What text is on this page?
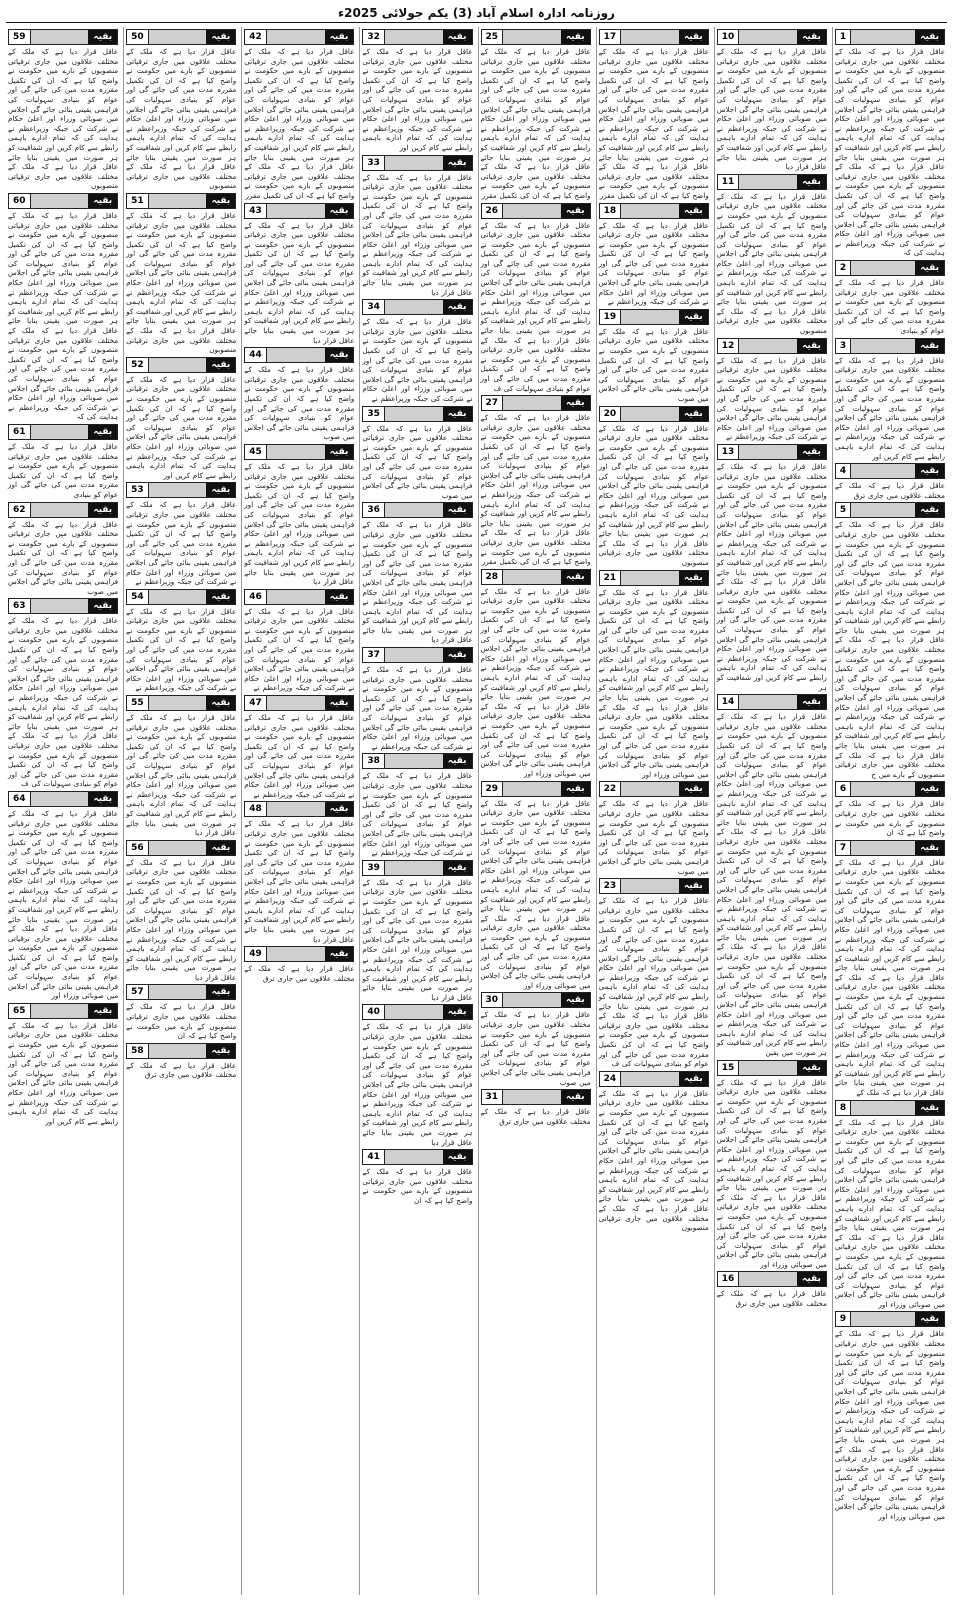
روزنامہ ادارہ اسلام آباد (3) یکم جولائی 2025ء
بقیہ
1

عاقل قرار دیا ہے کہ ملک کے مختلف علاقوں میں جاری ترقیاتی منصوبوں کے بارے میں حکومت نے واضح کیا ہے کہ ان کی تکمیل مقررہ مدت میں کی جائے گی اور عوام کو بنیادی سہولیات کی فراہمی یقینی بنائی جائے گی اجلاس میں صوبائی وزراء اور اعلیٰ حکام نے شرکت کی جبکہ وزیراعظم نے ہدایت کی کہ تمام ادارے باہمی رابطے سے کام کریں اور شفافیت کو ہر صورت میں یقینی بنایا جائے عاقل قرار دیا ہے کہ ملک کے مختلف علاقوں میں جاری ترقیاتی منصوبوں کے بارے میں حکومت نے واضح کیا ہے کہ ان کی تکمیل مقررہ مدت میں کی جائے گی اور عوام کو بنیادی سہولیات کی فراہمی یقینی بنائی جائے گی اجلاس میں صوبائی وزراء اور اعلیٰ حکام نے شرکت کی جبکہ وزیراعظم نے ہدایت کی کہ

بقیہ
2

عاقل قرار دیا ہے کہ ملک کے مختلف علاقوں میں جاری ترقیاتی منصوبوں کے بارے میں حکومت نے واضح کیا ہے کہ ان کی تکمیل مقررہ مدت میں کی جائے گی اور عوام کو بنیادی

بقیہ
3

عاقل قرار دیا ہے کہ ملک کے مختلف علاقوں میں جاری ترقیاتی منصوبوں کے بارے میں حکومت نے واضح کیا ہے کہ ان کی تکمیل مقررہ مدت میں کی جائے گی اور عوام کو بنیادی سہولیات کی فراہمی یقینی بنائی جائے گی اجلاس میں صوبائی وزراء اور اعلیٰ حکام نے شرکت کی جبکہ وزیراعظم نے ہدایت کی کہ تمام ادارے باہمی رابطے سے کام کریں اور

بقیہ
4

عاقل قرار دیا ہے کہ ملک کے مختلف علاقوں میں جاری ترق

بقیہ
5

عاقل قرار دیا ہے کہ ملک کے مختلف علاقوں میں جاری ترقیاتی منصوبوں کے بارے میں حکومت نے واضح کیا ہے کہ ان کی تکمیل مقررہ مدت میں کی جائے گی اور عوام کو بنیادی سہولیات کی فراہمی یقینی بنائی جائے گی اجلاس میں صوبائی وزراء اور اعلیٰ حکام نے شرکت کی جبکہ وزیراعظم نے ہدایت کی کہ تمام ادارے باہمی رابطے سے کام کریں اور شفافیت کو ہر صورت میں یقینی بنایا جائے عاقل قرار دیا ہے کہ ملک کے مختلف علاقوں میں جاری ترقیاتی منصوبوں کے بارے میں حکومت نے واضح کیا ہے کہ ان کی تکمیل مقررہ مدت میں کی جائے گی اور عوام کو بنیادی سہولیات کی فراہمی یقینی بنائی جائے گی اجلاس میں صوبائی وزراء اور اعلیٰ حکام نے شرکت کی جبکہ وزیراعظم نے ہدایت کی کہ تمام ادارے باہمی رابطے سے کام کریں اور شفافیت کو ہر صورت میں یقینی بنایا جائے عاقل قرار دیا ہے کہ ملک کے مختلف علاقوں میں جاری ترقیاتی منصوبوں کے بارے میں ح

بقیہ
6

عاقل قرار دیا ہے کہ ملک کے مختلف علاقوں میں جاری ترقیاتی منصوبوں کے بارے میں حکومت نے واضح کیا ہے کہ ان

بقیہ
7

عاقل قرار دیا ہے کہ ملک کے مختلف علاقوں میں جاری ترقیاتی منصوبوں کے بارے میں حکومت نے واضح کیا ہے کہ ان کی تکمیل مقررہ مدت میں کی جائے گی اور عوام کو بنیادی سہولیات کی فراہمی یقینی بنائی جائے گی اجلاس میں صوبائی وزراء اور اعلیٰ حکام نے شرکت کی جبکہ وزیراعظم نے ہدایت کی کہ تمام ادارے باہمی رابطے سے کام کریں اور شفافیت کو ہر صورت میں یقینی بنایا جائے عاقل قرار دیا ہے کہ ملک کے مختلف علاقوں میں جاری ترقیاتی منصوبوں کے بارے میں حکومت نے واضح کیا ہے کہ ان کی تکمیل مقررہ مدت میں کی جائے گی اور عوام کو بنیادی سہولیات کی فراہمی یقینی بنائی جائے گی اجلاس میں صوبائی وزراء اور اعلیٰ حکام نے شرکت کی جبکہ وزیراعظم نے ہدایت کی کہ تمام ادارے باہمی رابطے سے کام کریں اور شفافیت کو ہر صورت میں یقینی بنایا جائے عاقل قرار دیا ہے کہ ملک کے

بقیہ
8

عاقل قرار دیا ہے کہ ملک کے مختلف علاقوں میں جاری ترقیاتی منصوبوں کے بارے میں حکومت نے واضح کیا ہے کہ ان کی تکمیل مقررہ مدت میں کی جائے گی اور عوام کو بنیادی سہولیات کی فراہمی یقینی بنائی جائے گی اجلاس میں صوبائی وزراء اور اعلیٰ حکام نے شرکت کی جبکہ وزیراعظم نے ہدایت کی کہ تمام ادارے باہمی رابطے سے کام کریں اور شفافیت کو ہر صورت میں یقینی بنایا جائے عاقل قرار دیا ہے کہ ملک کے مختلف علاقوں میں جاری ترقیاتی منصوبوں کے بارے میں حکومت نے واضح کیا ہے کہ ان کی تکمیل مقررہ مدت میں کی جائے گی اور عوام کو بنیادی سہولیات کی فراہمی یقینی بنائی جائے گی اجلاس میں صوبائی وزراء اور

بقیہ
9

عاقل قرار دیا ہے کہ ملک کے مختلف علاقوں میں جاری ترقیاتی منصوبوں کے بارے میں حکومت نے واضح کیا ہے کہ ان کی تکمیل مقررہ مدت میں کی جائے گی اور عوام کو بنیادی سہولیات کی فراہمی یقینی بنائی جائے گی اجلاس میں صوبائی وزراء اور اعلیٰ حکام نے شرکت کی جبکہ وزیراعظم نے ہدایت کی کہ تمام ادارے باہمی رابطے سے کام کریں اور شفافیت کو ہر صورت میں یقینی بنایا جائے عاقل قرار دیا ہے کہ ملک کے مختلف علاقوں میں جاری ترقیاتی منصوبوں کے بارے میں حکومت نے واضح کیا ہے کہ ان کی تکمیل مقررہ مدت میں کی جائے گی اور عوام کو بنیادی سہولیات کی فراہمی یقینی بنائی جائے گی اجلاس میں صوبائی وزراء اور

بقیہ
10

عاقل قرار دیا ہے کہ ملک کے مختلف علاقوں میں جاری ترقیاتی منصوبوں کے بارے میں حکومت نے واضح کیا ہے کہ ان کی تکمیل مقررہ مدت میں کی جائے گی اور عوام کو بنیادی سہولیات کی فراہمی یقینی بنائی جائے گی اجلاس میں صوبائی وزراء اور اعلیٰ حکام نے شرکت کی جبکہ وزیراعظم نے ہدایت کی کہ تمام ادارے باہمی رابطے سے کام کریں اور شفافیت کو ہر صورت میں یقینی بنایا جائے عاقل قرار دیا

بقیہ
11

عاقل قرار دیا ہے کہ ملک کے مختلف علاقوں میں جاری ترقیاتی منصوبوں کے بارے میں حکومت نے واضح کیا ہے کہ ان کی تکمیل مقررہ مدت میں کی جائے گی اور عوام کو بنیادی سہولیات کی فراہمی یقینی بنائی جائے گی اجلاس میں صوبائی وزراء اور اعلیٰ حکام نے شرکت کی جبکہ وزیراعظم نے ہدایت کی کہ تمام ادارے باہمی رابطے سے کام کریں اور شفافیت کو ہر صورت میں یقینی بنایا جائے عاقل قرار دیا ہے کہ ملک کے مختلف علاقوں میں جاری ترقیاتی منصوبوں

بقیہ
12

عاقل قرار دیا ہے کہ ملک کے مختلف علاقوں میں جاری ترقیاتی منصوبوں کے بارے میں حکومت نے واضح کیا ہے کہ ان کی تکمیل مقررہ مدت میں کی جائے گی اور عوام کو بنیادی سہولیات کی فراہمی یقینی بنائی جائے گی اجلاس میں صوبائی وزراء اور اعلیٰ حکام نے شرکت کی جبکہ وزیراعظم نے

بقیہ
13

عاقل قرار دیا ہے کہ ملک کے مختلف علاقوں میں جاری ترقیاتی منصوبوں کے بارے میں حکومت نے واضح کیا ہے کہ ان کی تکمیل مقررہ مدت میں کی جائے گی اور عوام کو بنیادی سہولیات کی فراہمی یقینی بنائی جائے گی اجلاس میں صوبائی وزراء اور اعلیٰ حکام نے شرکت کی جبکہ وزیراعظم نے ہدایت کی کہ تمام ادارے باہمی رابطے سے کام کریں اور شفافیت کو ہر صورت میں یقینی بنایا جائے عاقل قرار دیا ہے کہ ملک کے مختلف علاقوں میں جاری ترقیاتی منصوبوں کے بارے میں حکومت نے واضح کیا ہے کہ ان کی تکمیل مقررہ مدت میں کی جائے گی اور عوام کو بنیادی سہولیات کی فراہمی یقینی بنائی جائے گی اجلاس میں صوبائی وزراء اور اعلیٰ حکام نے شرکت کی جبکہ وزیراعظم نے ہدایت کی کہ تمام ادارے باہمی رابطے سے کام کریں اور شفافیت کو ہر

بقیہ
14

عاقل قرار دیا ہے کہ ملک کے مختلف علاقوں میں جاری ترقیاتی منصوبوں کے بارے میں حکومت نے واضح کیا ہے کہ ان کی تکمیل مقررہ مدت میں کی جائے گی اور عوام کو بنیادی سہولیات کی فراہمی یقینی بنائی جائے گی اجلاس میں صوبائی وزراء اور اعلیٰ حکام نے شرکت کی جبکہ وزیراعظم نے ہدایت کی کہ تمام ادارے باہمی رابطے سے کام کریں اور شفافیت کو ہر صورت میں یقینی بنایا جائے عاقل قرار دیا ہے کہ ملک کے مختلف علاقوں میں جاری ترقیاتی منصوبوں کے بارے میں حکومت نے واضح کیا ہے کہ ان کی تکمیل مقررہ مدت میں کی جائے گی اور عوام کو بنیادی سہولیات کی فراہمی یقینی بنائی جائے گی اجلاس میں صوبائی وزراء اور اعلیٰ حکام نے شرکت کی جبکہ وزیراعظم نے ہدایت کی کہ تمام ادارے باہمی رابطے سے کام کریں اور شفافیت کو ہر صورت میں یقینی بنایا جائے عاقل قرار دیا ہے کہ ملک کے مختلف علاقوں میں جاری ترقیاتی منصوبوں کے بارے میں حکومت نے واضح کیا ہے کہ ان کی تکمیل مقررہ مدت میں کی جائے گی اور عوام کو بنیادی سہولیات کی فراہمی یقینی بنائی جائے گی اجلاس میں صوبائی وزراء اور اعلیٰ حکام نے شرکت کی جبکہ وزیراعظم نے ہدایت کی کہ تمام ادارے باہمی رابطے سے کام کریں اور شفافیت کو ہر صورت میں یقین

بقیہ
15

عاقل قرار دیا ہے کہ ملک کے مختلف علاقوں میں جاری ترقیاتی منصوبوں کے بارے میں حکومت نے واضح کیا ہے کہ ان کی تکمیل مقررہ مدت میں کی جائے گی اور عوام کو بنیادی سہولیات کی فراہمی یقینی بنائی جائے گی اجلاس میں صوبائی وزراء اور اعلیٰ حکام نے شرکت کی جبکہ وزیراعظم نے ہدایت کی کہ تمام ادارے باہمی رابطے سے کام کریں اور شفافیت کو ہر صورت میں یقینی بنایا جائے عاقل قرار دیا ہے کہ ملک کے مختلف علاقوں میں جاری ترقیاتی منصوبوں کے بارے میں حکومت نے واضح کیا ہے کہ ان کی تکمیل مقررہ مدت میں کی جائے گی اور عوام کو بنیادی سہولیات کی فراہمی یقینی بنائی جائے گی اجلاس میں صوبائی وزراء اور

بقیہ
16

عاقل قرار دیا ہے کہ ملک کے مختلف علاقوں میں جاری ترق

بقیہ
17

عاقل قرار دیا ہے کہ ملک کے مختلف علاقوں میں جاری ترقیاتی منصوبوں کے بارے میں حکومت نے واضح کیا ہے کہ ان کی تکمیل مقررہ مدت میں کی جائے گی اور عوام کو بنیادی سہولیات کی فراہمی یقینی بنائی جائے گی اجلاس میں صوبائی وزراء اور اعلیٰ حکام نے شرکت کی جبکہ وزیراعظم نے ہدایت کی کہ تمام ادارے باہمی رابطے سے کام کریں اور شفافیت کو ہر صورت میں یقینی بنایا جائے عاقل قرار دیا ہے کہ ملک کے مختلف علاقوں میں جاری ترقیاتی منصوبوں کے بارے میں حکومت نے واضح کیا ہے کہ ان کی تکمیل مقرر

بقیہ
18

عاقل قرار دیا ہے کہ ملک کے مختلف علاقوں میں جاری ترقیاتی منصوبوں کے بارے میں حکومت نے واضح کیا ہے کہ ان کی تکمیل مقررہ مدت میں کی جائے گی اور عوام کو بنیادی سہولیات کی فراہمی یقینی بنائی جائے گی اجلاس میں صوبائی وزراء اور اعلیٰ حکام نے شرکت کی جبکہ وزیراعظم نے

بقیہ
19

عاقل قرار دیا ہے کہ ملک کے مختلف علاقوں میں جاری ترقیاتی منصوبوں کے بارے میں حکومت نے واضح کیا ہے کہ ان کی تکمیل مقررہ مدت میں کی جائے گی اور عوام کو بنیادی سہولیات کی فراہمی یقینی بنائی جائے گی اجلاس میں صوب

بقیہ
20

عاقل قرار دیا ہے کہ ملک کے مختلف علاقوں میں جاری ترقیاتی منصوبوں کے بارے میں حکومت نے واضح کیا ہے کہ ان کی تکمیل مقررہ مدت میں کی جائے گی اور عوام کو بنیادی سہولیات کی فراہمی یقینی بنائی جائے گی اجلاس میں صوبائی وزراء اور اعلیٰ حکام نے شرکت کی جبکہ وزیراعظم نے ہدایت کی کہ تمام ادارے باہمی رابطے سے کام کریں اور شفافیت کو ہر صورت میں یقینی بنایا جائے عاقل قرار دیا ہے کہ ملک کے مختلف علاقوں میں جاری ترقیاتی منصوبوں

بقیہ
21

عاقل قرار دیا ہے کہ ملک کے مختلف علاقوں میں جاری ترقیاتی منصوبوں کے بارے میں حکومت نے واضح کیا ہے کہ ان کی تکمیل مقررہ مدت میں کی جائے گی اور عوام کو بنیادی سہولیات کی فراہمی یقینی بنائی جائے گی اجلاس میں صوبائی وزراء اور اعلیٰ حکام نے شرکت کی جبکہ وزیراعظم نے ہدایت کی کہ تمام ادارے باہمی رابطے سے کام کریں اور شفافیت کو ہر صورت میں یقینی بنایا جائے عاقل قرار دیا ہے کہ ملک کے مختلف علاقوں میں جاری ترقیاتی منصوبوں کے بارے میں حکومت نے واضح کیا ہے کہ ان کی تکمیل مقررہ مدت میں کی جائے گی اور عوام کو بنیادی سہولیات کی فراہمی یقینی بنائی جائے گی اجلاس میں صوبائی وزراء اور

بقیہ
22

عاقل قرار دیا ہے کہ ملک کے مختلف علاقوں میں جاری ترقیاتی منصوبوں کے بارے میں حکومت نے واضح کیا ہے کہ ان کی تکمیل مقررہ مدت میں کی جائے گی اور عوام کو بنیادی سہولیات کی فراہمی یقینی بنائی جائے گی اجلاس میں صوب

بقیہ
23

عاقل قرار دیا ہے کہ ملک کے مختلف علاقوں میں جاری ترقیاتی منصوبوں کے بارے میں حکومت نے واضح کیا ہے کہ ان کی تکمیل مقررہ مدت میں کی جائے گی اور عوام کو بنیادی سہولیات کی فراہمی یقینی بنائی جائے گی اجلاس میں صوبائی وزراء اور اعلیٰ حکام نے شرکت کی جبکہ وزیراعظم نے ہدایت کی کہ تمام ادارے باہمی رابطے سے کام کریں اور شفافیت کو ہر صورت میں یقینی بنایا جائے عاقل قرار دیا ہے کہ ملک کے مختلف علاقوں میں جاری ترقیاتی منصوبوں کے بارے میں حکومت نے واضح کیا ہے کہ ان کی تکمیل مقررہ مدت میں کی جائے گی اور عوام کو بنیادی سہولیات کی ف

بقیہ
24

عاقل قرار دیا ہے کہ ملک کے مختلف علاقوں میں جاری ترقیاتی منصوبوں کے بارے میں حکومت نے واضح کیا ہے کہ ان کی تکمیل مقررہ مدت میں کی جائے گی اور عوام کو بنیادی سہولیات کی فراہمی یقینی بنائی جائے گی اجلاس میں صوبائی وزراء اور اعلیٰ حکام نے شرکت کی جبکہ وزیراعظم نے ہدایت کی کہ تمام ادارے باہمی رابطے سے کام کریں اور شفافیت کو ہر صورت میں یقینی بنایا جائے عاقل قرار دیا ہے کہ ملک کے مختلف علاقوں میں جاری ترقیاتی منصوبوں

بقیہ
25

عاقل قرار دیا ہے کہ ملک کے مختلف علاقوں میں جاری ترقیاتی منصوبوں کے بارے میں حکومت نے واضح کیا ہے کہ ان کی تکمیل مقررہ مدت میں کی جائے گی اور عوام کو بنیادی سہولیات کی فراہمی یقینی بنائی جائے گی اجلاس میں صوبائی وزراء اور اعلیٰ حکام نے شرکت کی جبکہ وزیراعظم نے ہدایت کی کہ تمام ادارے باہمی رابطے سے کام کریں اور شفافیت کو ہر صورت میں یقینی بنایا جائے عاقل قرار دیا ہے کہ ملک کے مختلف علاقوں میں جاری ترقیاتی منصوبوں کے بارے میں حکومت نے واضح کیا ہے کہ ان کی تکمیل مقرر

بقیہ
26

عاقل قرار دیا ہے کہ ملک کے مختلف علاقوں میں جاری ترقیاتی منصوبوں کے بارے میں حکومت نے واضح کیا ہے کہ ان کی تکمیل مقررہ مدت میں کی جائے گی اور عوام کو بنیادی سہولیات کی فراہمی یقینی بنائی جائے گی اجلاس میں صوبائی وزراء اور اعلیٰ حکام نے شرکت کی جبکہ وزیراعظم نے ہدایت کی کہ تمام ادارے باہمی رابطے سے کام کریں اور شفافیت کو ہر صورت میں یقینی بنایا جائے عاقل قرار دیا ہے کہ ملک کے مختلف علاقوں میں جاری ترقیاتی منصوبوں کے بارے میں حکومت نے واضح کیا ہے کہ ان کی تکمیل مقررہ مدت میں کی جائے گی اور عوام کو بنیادی سہولیات کی ف

بقیہ
27

عاقل قرار دیا ہے کہ ملک کے مختلف علاقوں میں جاری ترقیاتی منصوبوں کے بارے میں حکومت نے واضح کیا ہے کہ ان کی تکمیل مقررہ مدت میں کی جائے گی اور عوام کو بنیادی سہولیات کی فراہمی یقینی بنائی جائے گی اجلاس میں صوبائی وزراء اور اعلیٰ حکام نے شرکت کی جبکہ وزیراعظم نے ہدایت کی کہ تمام ادارے باہمی رابطے سے کام کریں اور شفافیت کو ہر صورت میں یقینی بنایا جائے عاقل قرار دیا ہے کہ ملک کے مختلف علاقوں میں جاری ترقیاتی منصوبوں کے بارے میں حکومت نے واضح کیا ہے کہ ان کی تکمیل مقرر

بقیہ
28

عاقل قرار دیا ہے کہ ملک کے مختلف علاقوں میں جاری ترقیاتی منصوبوں کے بارے میں حکومت نے واضح کیا ہے کہ ان کی تکمیل مقررہ مدت میں کی جائے گی اور عوام کو بنیادی سہولیات کی فراہمی یقینی بنائی جائے گی اجلاس میں صوبائی وزراء اور اعلیٰ حکام نے شرکت کی جبکہ وزیراعظم نے ہدایت کی کہ تمام ادارے باہمی رابطے سے کام کریں اور شفافیت کو ہر صورت میں یقینی بنایا جائے عاقل قرار دیا ہے کہ ملک کے مختلف علاقوں میں جاری ترقیاتی منصوبوں کے بارے میں حکومت نے واضح کیا ہے کہ ان کی تکمیل مقررہ مدت میں کی جائے گی اور عوام کو بنیادی سہولیات کی فراہمی یقینی بنائی جائے گی اجلاس میں صوبائی وزراء اور

بقیہ
29

عاقل قرار دیا ہے کہ ملک کے مختلف علاقوں میں جاری ترقیاتی منصوبوں کے بارے میں حکومت نے واضح کیا ہے کہ ان کی تکمیل مقررہ مدت میں کی جائے گی اور عوام کو بنیادی سہولیات کی فراہمی یقینی بنائی جائے گی اجلاس میں صوبائی وزراء اور اعلیٰ حکام نے شرکت کی جبکہ وزیراعظم نے ہدایت کی کہ تمام ادارے باہمی رابطے سے کام کریں اور شفافیت کو ہر صورت میں یقینی بنایا جائے عاقل قرار دیا ہے کہ ملک کے مختلف علاقوں میں جاری ترقیاتی منصوبوں کے بارے میں حکومت نے واضح کیا ہے کہ ان کی تکمیل مقررہ مدت میں کی جائے گی اور عوام کو بنیادی سہولیات کی فراہمی یقینی بنائی جائے گی اجلاس میں صوبائی وزراء اور

بقیہ
30

عاقل قرار دیا ہے کہ ملک کے مختلف علاقوں میں جاری ترقیاتی منصوبوں کے بارے میں حکومت نے واضح کیا ہے کہ ان کی تکمیل مقررہ مدت میں کی جائے گی اور عوام کو بنیادی سہولیات کی فراہمی یقینی بنائی جائے گی اجلاس میں صوب

بقیہ
31

عاقل قرار دیا ہے کہ ملک کے مختلف علاقوں میں جاری ترق

بقیہ
32

عاقل قرار دیا ہے کہ ملک کے مختلف علاقوں میں جاری ترقیاتی منصوبوں کے بارے میں حکومت نے واضح کیا ہے کہ ان کی تکمیل مقررہ مدت میں کی جائے گی اور عوام کو بنیادی سہولیات کی فراہمی یقینی بنائی جائے گی اجلاس میں صوبائی وزراء اور اعلیٰ حکام نے شرکت کی جبکہ وزیراعظم نے ہدایت کی کہ تمام ادارے باہمی رابطے سے کام کریں اور

بقیہ
33

عاقل قرار دیا ہے کہ ملک کے مختلف علاقوں میں جاری ترقیاتی منصوبوں کے بارے میں حکومت نے واضح کیا ہے کہ ان کی تکمیل مقررہ مدت میں کی جائے گی اور عوام کو بنیادی سہولیات کی فراہمی یقینی بنائی جائے گی اجلاس میں صوبائی وزراء اور اعلیٰ حکام نے شرکت کی جبکہ وزیراعظم نے ہدایت کی کہ تمام ادارے باہمی رابطے سے کام کریں اور شفافیت کو ہر صورت میں یقینی بنایا جائے عاقل قرار دیا

بقیہ
34

عاقل قرار دیا ہے کہ ملک کے مختلف علاقوں میں جاری ترقیاتی منصوبوں کے بارے میں حکومت نے واضح کیا ہے کہ ان کی تکمیل مقررہ مدت میں کی جائے گی اور عوام کو بنیادی سہولیات کی فراہمی یقینی بنائی جائے گی اجلاس میں صوبائی وزراء اور اعلیٰ حکام نے شرکت کی جبکہ وزیراعظم نے

بقیہ
35

عاقل قرار دیا ہے کہ ملک کے مختلف علاقوں میں جاری ترقیاتی منصوبوں کے بارے میں حکومت نے واضح کیا ہے کہ ان کی تکمیل مقررہ مدت میں کی جائے گی اور عوام کو بنیادی سہولیات کی فراہمی یقینی بنائی جائے گی اجلاس میں صوب

بقیہ
36

عاقل قرار دیا ہے کہ ملک کے مختلف علاقوں میں جاری ترقیاتی منصوبوں کے بارے میں حکومت نے واضح کیا ہے کہ ان کی تکمیل مقررہ مدت میں کی جائے گی اور عوام کو بنیادی سہولیات کی فراہمی یقینی بنائی جائے گی اجلاس میں صوبائی وزراء اور اعلیٰ حکام نے شرکت کی جبکہ وزیراعظم نے ہدایت کی کہ تمام ادارے باہمی رابطے سے کام کریں اور شفافیت کو ہر صورت میں یقینی بنایا جائے عاقل قرار دیا

بقیہ
37

عاقل قرار دیا ہے کہ ملک کے مختلف علاقوں میں جاری ترقیاتی منصوبوں کے بارے میں حکومت نے واضح کیا ہے کہ ان کی تکمیل مقررہ مدت میں کی جائے گی اور عوام کو بنیادی سہولیات کی فراہمی یقینی بنائی جائے گی اجلاس میں صوبائی وزراء اور اعلیٰ حکام نے شرکت کی جبکہ وزیراعظم نے

بقیہ
38

عاقل قرار دیا ہے کہ ملک کے مختلف علاقوں میں جاری ترقیاتی منصوبوں کے بارے میں حکومت نے واضح کیا ہے کہ ان کی تکمیل مقررہ مدت میں کی جائے گی اور عوام کو بنیادی سہولیات کی فراہمی یقینی بنائی جائے گی اجلاس میں صوبائی وزراء اور اعلیٰ حکام نے شرکت کی جبکہ وزیراعظم نے

بقیہ
39

عاقل قرار دیا ہے کہ ملک کے مختلف علاقوں میں جاری ترقیاتی منصوبوں کے بارے میں حکومت نے واضح کیا ہے کہ ان کی تکمیل مقررہ مدت میں کی جائے گی اور عوام کو بنیادی سہولیات کی فراہمی یقینی بنائی جائے گی اجلاس میں صوبائی وزراء اور اعلیٰ حکام نے شرکت کی جبکہ وزیراعظم نے ہدایت کی کہ تمام ادارے باہمی رابطے سے کام کریں اور شفافیت کو ہر صورت میں یقینی بنایا جائے عاقل قرار دیا

بقیہ
40

عاقل قرار دیا ہے کہ ملک کے مختلف علاقوں میں جاری ترقیاتی منصوبوں کے بارے میں حکومت نے واضح کیا ہے کہ ان کی تکمیل مقررہ مدت میں کی جائے گی اور عوام کو بنیادی سہولیات کی فراہمی یقینی بنائی جائے گی اجلاس میں صوبائی وزراء اور اعلیٰ حکام نے شرکت کی جبکہ وزیراعظم نے ہدایت کی کہ تمام ادارے باہمی رابطے سے کام کریں اور شفافیت کو ہر صورت میں یقینی بنایا جائے عاقل قرار دیا

بقیہ
41

عاقل قرار دیا ہے کہ ملک کے مختلف علاقوں میں جاری ترقیاتی منصوبوں کے بارے میں حکومت نے واضح کیا ہے کہ ان

بقیہ
42

عاقل قرار دیا ہے کہ ملک کے مختلف علاقوں میں جاری ترقیاتی منصوبوں کے بارے میں حکومت نے واضح کیا ہے کہ ان کی تکمیل مقررہ مدت میں کی جائے گی اور عوام کو بنیادی سہولیات کی فراہمی یقینی بنائی جائے گی اجلاس میں صوبائی وزراء اور اعلیٰ حکام نے شرکت کی جبکہ وزیراعظم نے ہدایت کی کہ تمام ادارے باہمی رابطے سے کام کریں اور شفافیت کو ہر صورت میں یقینی بنایا جائے عاقل قرار دیا ہے کہ ملک کے مختلف علاقوں میں جاری ترقیاتی منصوبوں کے بارے میں حکومت نے واضح کیا ہے کہ ان کی تکمیل مقرر

بقیہ
43

عاقل قرار دیا ہے کہ ملک کے مختلف علاقوں میں جاری ترقیاتی منصوبوں کے بارے میں حکومت نے واضح کیا ہے کہ ان کی تکمیل مقررہ مدت میں کی جائے گی اور عوام کو بنیادی سہولیات کی فراہمی یقینی بنائی جائے گی اجلاس میں صوبائی وزراء اور اعلیٰ حکام نے شرکت کی جبکہ وزیراعظم نے ہدایت کی کہ تمام ادارے باہمی رابطے سے کام کریں اور شفافیت کو ہر صورت میں یقینی بنایا جائے عاقل قرار دیا

بقیہ
44

عاقل قرار دیا ہے کہ ملک کے مختلف علاقوں میں جاری ترقیاتی منصوبوں کے بارے میں حکومت نے واضح کیا ہے کہ ان کی تکمیل مقررہ مدت میں کی جائے گی اور عوام کو بنیادی سہولیات کی فراہمی یقینی بنائی جائے گی اجلاس میں صوب

بقیہ
45

عاقل قرار دیا ہے کہ ملک کے مختلف علاقوں میں جاری ترقیاتی منصوبوں کے بارے میں حکومت نے واضح کیا ہے کہ ان کی تکمیل مقررہ مدت میں کی جائے گی اور عوام کو بنیادی سہولیات کی فراہمی یقینی بنائی جائے گی اجلاس میں صوبائی وزراء اور اعلیٰ حکام نے شرکت کی جبکہ وزیراعظم نے ہدایت کی کہ تمام ادارے باہمی رابطے سے کام کریں اور شفافیت کو ہر صورت میں یقینی بنایا جائے عاقل قرار دیا

بقیہ
46

عاقل قرار دیا ہے کہ ملک کے مختلف علاقوں میں جاری ترقیاتی منصوبوں کے بارے میں حکومت نے واضح کیا ہے کہ ان کی تکمیل مقررہ مدت میں کی جائے گی اور عوام کو بنیادی سہولیات کی فراہمی یقینی بنائی جائے گی اجلاس میں صوبائی وزراء اور اعلیٰ حکام نے شرکت کی جبکہ وزیراعظم نے

بقیہ
47

عاقل قرار دیا ہے کہ ملک کے مختلف علاقوں میں جاری ترقیاتی منصوبوں کے بارے میں حکومت نے واضح کیا ہے کہ ان کی تکمیل مقررہ مدت میں کی جائے گی اور عوام کو بنیادی سہولیات کی فراہمی یقینی بنائی جائے گی اجلاس میں صوبائی وزراء اور اعلیٰ حکام نے شرکت کی جبکہ وزیراعظم نے

بقیہ
48

عاقل قرار دیا ہے کہ ملک کے مختلف علاقوں میں جاری ترقیاتی منصوبوں کے بارے میں حکومت نے واضح کیا ہے کہ ان کی تکمیل مقررہ مدت میں کی جائے گی اور عوام کو بنیادی سہولیات کی فراہمی یقینی بنائی جائے گی اجلاس میں صوبائی وزراء اور اعلیٰ حکام نے شرکت کی جبکہ وزیراعظم نے ہدایت کی کہ تمام ادارے باہمی رابطے سے کام کریں اور شفافیت کو ہر صورت میں یقینی بنایا جائے عاقل قرار دیا

بقیہ
49

عاقل قرار دیا ہے کہ ملک کے مختلف علاقوں میں جاری ترق

بقیہ
50

عاقل قرار دیا ہے کہ ملک کے مختلف علاقوں میں جاری ترقیاتی منصوبوں کے بارے میں حکومت نے واضح کیا ہے کہ ان کی تکمیل مقررہ مدت میں کی جائے گی اور عوام کو بنیادی سہولیات کی فراہمی یقینی بنائی جائے گی اجلاس میں صوبائی وزراء اور اعلیٰ حکام نے شرکت کی جبکہ وزیراعظم نے ہدایت کی کہ تمام ادارے باہمی رابطے سے کام کریں اور شفافیت کو ہر صورت میں یقینی بنایا جائے عاقل قرار دیا ہے کہ ملک کے مختلف علاقوں میں جاری ترقیاتی منصوبوں

بقیہ
51

عاقل قرار دیا ہے کہ ملک کے مختلف علاقوں میں جاری ترقیاتی منصوبوں کے بارے میں حکومت نے واضح کیا ہے کہ ان کی تکمیل مقررہ مدت میں کی جائے گی اور عوام کو بنیادی سہولیات کی فراہمی یقینی بنائی جائے گی اجلاس میں صوبائی وزراء اور اعلیٰ حکام نے شرکت کی جبکہ وزیراعظم نے ہدایت کی کہ تمام ادارے باہمی رابطے سے کام کریں اور شفافیت کو ہر صورت میں یقینی بنایا جائے عاقل قرار دیا ہے کہ ملک کے مختلف علاقوں میں جاری ترقیاتی منصوبوں

بقیہ
52

عاقل قرار دیا ہے کہ ملک کے مختلف علاقوں میں جاری ترقیاتی منصوبوں کے بارے میں حکومت نے واضح کیا ہے کہ ان کی تکمیل مقررہ مدت میں کی جائے گی اور عوام کو بنیادی سہولیات کی فراہمی یقینی بنائی جائے گی اجلاس میں صوبائی وزراء اور اعلیٰ حکام نے شرکت کی جبکہ وزیراعظم نے ہدایت کی کہ تمام ادارے باہمی رابطے سے کام کریں اور

بقیہ
53

عاقل قرار دیا ہے کہ ملک کے مختلف علاقوں میں جاری ترقیاتی منصوبوں کے بارے میں حکومت نے واضح کیا ہے کہ ان کی تکمیل مقررہ مدت میں کی جائے گی اور عوام کو بنیادی سہولیات کی فراہمی یقینی بنائی جائے گی اجلاس میں صوبائی وزراء اور اعلیٰ حکام نے شرکت کی جبکہ وزیراعظم نے

بقیہ
54

عاقل قرار دیا ہے کہ ملک کے مختلف علاقوں میں جاری ترقیاتی منصوبوں کے بارے میں حکومت نے واضح کیا ہے کہ ان کی تکمیل مقررہ مدت میں کی جائے گی اور عوام کو بنیادی سہولیات کی فراہمی یقینی بنائی جائے گی اجلاس میں صوبائی وزراء اور اعلیٰ حکام نے شرکت کی جبکہ وزیراعظم نے

بقیہ
55

عاقل قرار دیا ہے کہ ملک کے مختلف علاقوں میں جاری ترقیاتی منصوبوں کے بارے میں حکومت نے واضح کیا ہے کہ ان کی تکمیل مقررہ مدت میں کی جائے گی اور عوام کو بنیادی سہولیات کی فراہمی یقینی بنائی جائے گی اجلاس میں صوبائی وزراء اور اعلیٰ حکام نے شرکت کی جبکہ وزیراعظم نے ہدایت کی کہ تمام ادارے باہمی رابطے سے کام کریں اور شفافیت کو ہر صورت میں یقینی بنایا جائے عاقل قرار دیا

بقیہ
56

عاقل قرار دیا ہے کہ ملک کے مختلف علاقوں میں جاری ترقیاتی منصوبوں کے بارے میں حکومت نے واضح کیا ہے کہ ان کی تکمیل مقررہ مدت میں کی جائے گی اور عوام کو بنیادی سہولیات کی فراہمی یقینی بنائی جائے گی اجلاس میں صوبائی وزراء اور اعلیٰ حکام نے شرکت کی جبکہ وزیراعظم نے ہدایت کی کہ تمام ادارے باہمی رابطے سے کام کریں اور شفافیت کو ہر صورت میں یقینی بنایا جائے عاقل قرار دیا

بقیہ
57

عاقل قرار دیا ہے کہ ملک کے مختلف علاقوں میں جاری ترقیاتی منصوبوں کے بارے میں حکومت نے واضح کیا ہے کہ ان

بقیہ
58

عاقل قرار دیا ہے کہ ملک کے مختلف علاقوں میں جاری ترق

بقیہ
59

عاقل قرار دیا ہے کہ ملک کے مختلف علاقوں میں جاری ترقیاتی منصوبوں کے بارے میں حکومت نے واضح کیا ہے کہ ان کی تکمیل مقررہ مدت میں کی جائے گی اور عوام کو بنیادی سہولیات کی فراہمی یقینی بنائی جائے گی اجلاس میں صوبائی وزراء اور اعلیٰ حکام نے شرکت کی جبکہ وزیراعظم نے ہدایت کی کہ تمام ادارے باہمی رابطے سے کام کریں اور شفافیت کو ہر صورت میں یقینی بنایا جائے عاقل قرار دیا ہے کہ ملک کے مختلف علاقوں میں جاری ترقیاتی منصوبوں

بقیہ
60

عاقل قرار دیا ہے کہ ملک کے مختلف علاقوں میں جاری ترقیاتی منصوبوں کے بارے میں حکومت نے واضح کیا ہے کہ ان کی تکمیل مقررہ مدت میں کی جائے گی اور عوام کو بنیادی سہولیات کی فراہمی یقینی بنائی جائے گی اجلاس میں صوبائی وزراء اور اعلیٰ حکام نے شرکت کی جبکہ وزیراعظم نے ہدایت کی کہ تمام ادارے باہمی رابطے سے کام کریں اور شفافیت کو ہر صورت میں یقینی بنایا جائے عاقل قرار دیا ہے کہ ملک کے مختلف علاقوں میں جاری ترقیاتی منصوبوں کے بارے میں حکومت نے واضح کیا ہے کہ ان کی تکمیل مقررہ مدت میں کی جائے گی اور عوام کو بنیادی سہولیات کی فراہمی یقینی بنائی جائے گی اجلاس میں صوبائی وزراء اور اعلیٰ حکام نے شرکت کی جبکہ وزیراعظم نے ہدایت کی کہ

بقیہ
61

عاقل قرار دیا ہے کہ ملک کے مختلف علاقوں میں جاری ترقیاتی منصوبوں کے بارے میں حکومت نے واضح کیا ہے کہ ان کی تکمیل مقررہ مدت میں کی جائے گی اور عوام کو بنیادی

بقیہ
62

عاقل قرار دیا ہے کہ ملک کے مختلف علاقوں میں جاری ترقیاتی منصوبوں کے بارے میں حکومت نے واضح کیا ہے کہ ان کی تکمیل مقررہ مدت میں کی جائے گی اور عوام کو بنیادی سہولیات کی فراہمی یقینی بنائی جائے گی اجلاس میں صوب

بقیہ
63

عاقل قرار دیا ہے کہ ملک کے مختلف علاقوں میں جاری ترقیاتی منصوبوں کے بارے میں حکومت نے واضح کیا ہے کہ ان کی تکمیل مقررہ مدت میں کی جائے گی اور عوام کو بنیادی سہولیات کی فراہمی یقینی بنائی جائے گی اجلاس میں صوبائی وزراء اور اعلیٰ حکام نے شرکت کی جبکہ وزیراعظم نے ہدایت کی کہ تمام ادارے باہمی رابطے سے کام کریں اور شفافیت کو ہر صورت میں یقینی بنایا جائے عاقل قرار دیا ہے کہ ملک کے مختلف علاقوں میں جاری ترقیاتی منصوبوں کے بارے میں حکومت نے واضح کیا ہے کہ ان کی تکمیل مقررہ مدت میں کی جائے گی اور عوام کو بنیادی سہولیات کی ف

بقیہ
64

عاقل قرار دیا ہے کہ ملک کے مختلف علاقوں میں جاری ترقیاتی منصوبوں کے بارے میں حکومت نے واضح کیا ہے کہ ان کی تکمیل مقررہ مدت میں کی جائے گی اور عوام کو بنیادی سہولیات کی فراہمی یقینی بنائی جائے گی اجلاس میں صوبائی وزراء اور اعلیٰ حکام نے شرکت کی جبکہ وزیراعظم نے ہدایت کی کہ تمام ادارے باہمی رابطے سے کام کریں اور شفافیت کو ہر صورت میں یقینی بنایا جائے عاقل قرار دیا ہے کہ ملک کے مختلف علاقوں میں جاری ترقیاتی منصوبوں کے بارے میں حکومت نے واضح کیا ہے کہ ان کی تکمیل مقررہ مدت میں کی جائے گی اور عوام کو بنیادی سہولیات کی فراہمی یقینی بنائی جائے گی اجلاس میں صوبائی وزراء اور

بقیہ
65

عاقل قرار دیا ہے کہ ملک کے مختلف علاقوں میں جاری ترقیاتی منصوبوں کے بارے میں حکومت نے واضح کیا ہے کہ ان کی تکمیل مقررہ مدت میں کی جائے گی اور عوام کو بنیادی سہولیات کی فراہمی یقینی بنائی جائے گی اجلاس میں صوبائی وزراء اور اعلیٰ حکام نے شرکت کی جبکہ وزیراعظم نے ہدایت کی کہ تمام ادارے باہمی رابطے سے کام کریں اور
